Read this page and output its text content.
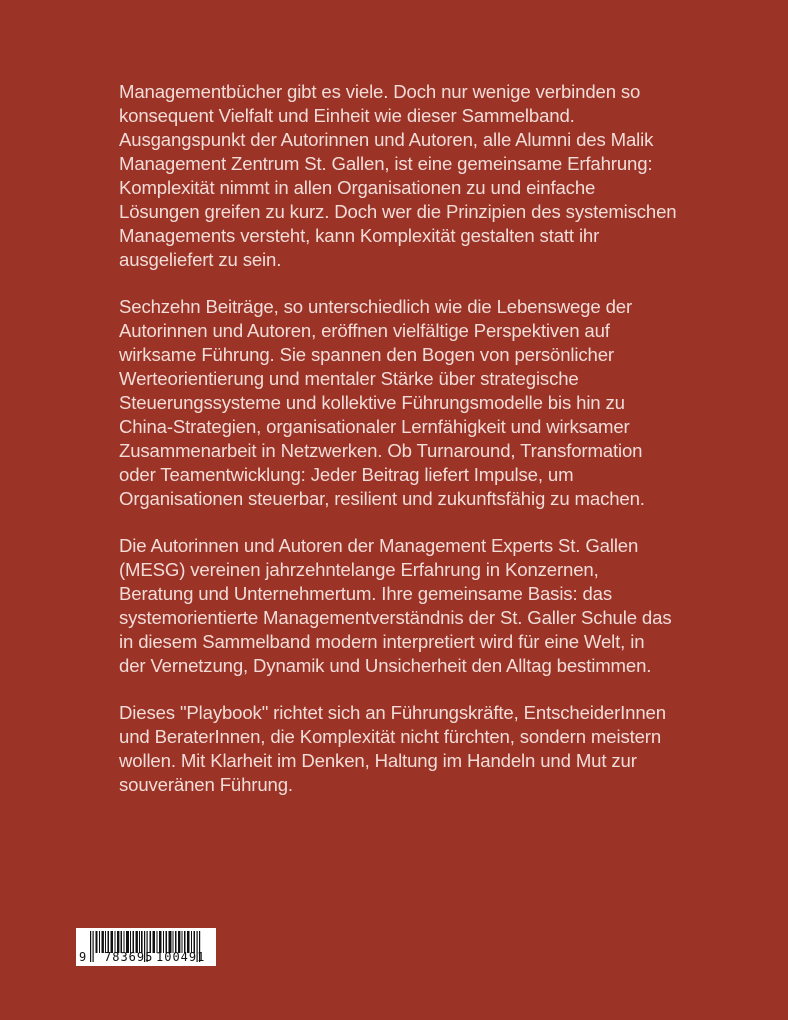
Managementbücher gibt es viele. Doch nur wenige verbinden so
konsequent Vielfalt und Einheit wie dieser Sammelband.
Ausgangspunkt der Autorinnen und Autoren, alle Alumni des Malik
Management Zentrum St. Gallen, ist eine gemeinsame Erfahrung:
Komplexität nimmt in allen Organisationen zu und einfache
Lösungen greifen zu kurz. Doch wer die Prinzipien des systemischen
Managements versteht, kann Komplexität gestalten statt ihr
ausgeliefert zu sein.

Sechzehn Beiträge, so unterschiedlich wie die Lebenswege der
Autorinnen und Autoren, eröffnen vielfältige Perspektiven auf
wirksame Führung. Sie spannen den Bogen von persönlicher
Werteorientierung und mentaler Stärke über strategische
Steuerungssysteme und kollektive Führungsmodelle bis hin zu
China-Strategien, organisationaler Lernfähigkeit und wirksamer
Zusammenarbeit in Netzwerken. Ob Turnaround, Transformation
oder Teamentwicklung: Jeder Beitrag liefert Impulse, um
Organisationen steuerbar, resilient und zukunftsfähig zu machen.

Die Autorinnen und Autoren der Management Experts St. Gallen
(MESG) vereinen jahrzehntelange Erfahrung in Konzernen,
Beratung und Unternehmertum. Ihre gemeinsame Basis: das
systemorientierte Managementverständnis der St. Galler Schule das
in diesem Sammelband modern interpretiert wird für eine Welt, in
der Vernetzung, Dynamik und Unsicherheit den Alltag bestimmen.

Dieses "Playbook" richtet sich an Führungskräfte, EntscheiderInnen
und BeraterInnen, die Komplexität nicht fürchten, sondern meistern
wollen. Mit Klarheit im Denken, Haltung im Handeln und Mut zur
souveränen Führung.

9 783695 100491
